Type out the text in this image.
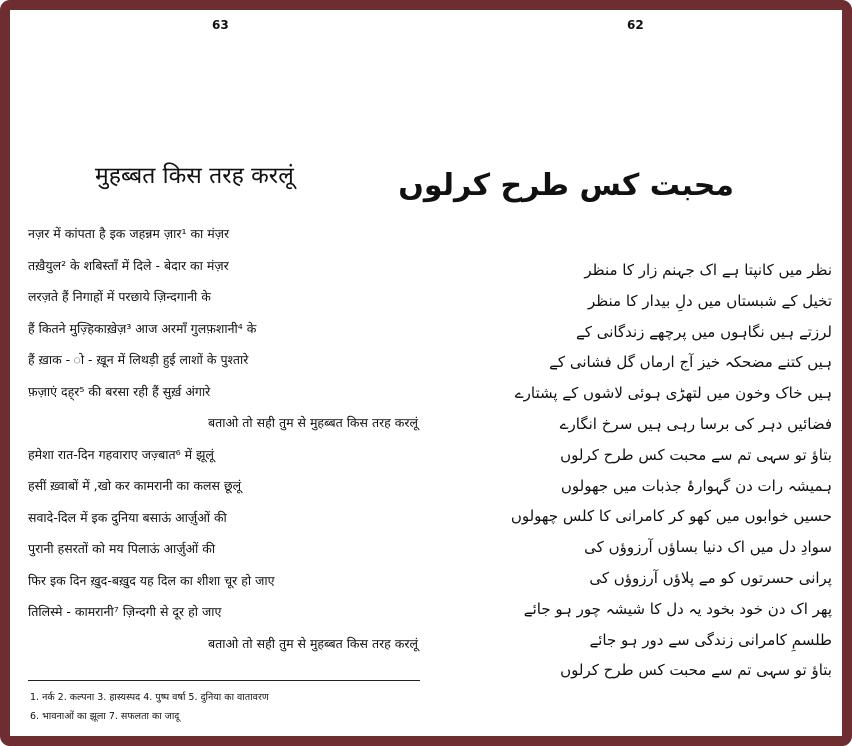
63
मुहब्बत किस तरह करलूं
नज़र में कांपता है इक जहन्नम ज़ार¹ का मंज़र
तख़ैयुल² के शबिस्ताँ में दिले - बेदार का मंज़र
लरज़ते हैं निगाहों में परछाये ज़िन्दगानी के
हैं कितने मुज़्हिकाख़ेज़³ आज अरमाँ गुलफ़शानी⁴ के
हैं ख़ाक - ो - ख़ून में लिथड़ी हुई लाशों के पुश्तारे
फ़ज़ाएं दह्‌र⁵ की बरसा रही हैं सुर्ख़ अंगारे
बताओ तो सही तुम से मुहब्बत किस तरह करलूं
हमेशा रात-दिन गहवाराए जज़्बात⁶ में झूलूं
हसीं ख़्वाबों में ,खो कर कामरानी का कलस छूलूं
सवादे-दिल में इक दुनिया बसाऊं आर्ज़ुओं की
पुरानी हसरतों को मय पिलाऊं आर्ज़ुओं की
फिर इक दिन ख़ुद-बख़ुद यह दिल का शीशा चूर हो जाए
तिलिस्मे - कामरानी⁷ ज़िन्दगी से दूर हो जाए
बताओ तो सही तुम से मुहब्बत किस तरह करलूं
1. नर्क 2. कल्पना 3. हास्यस्पद 4. पुष्प वर्षा 5. दुनिया का वातावरण
6. भावनाओं का झूला 7. सफलता का जादू
62
محبت کس طرح کرلوں
نظر میں کانپتا ہے اک جہنم زار کا منظر
تخیل کے شبستاں میں دلِ بیدار کا منظر
لرزتے ہیں نگاہوں میں پرچھے زندگانی کے
ہیں کتنے مضحکہ خیز آج ارماں گل فشانی کے
ہیں خاک وخون میں لتھڑی ہوئی لاشوں کے پشتارے
فضائیں دہر کی برسا رہی ہیں سرخ انگارے
بتاؤ تو سہی تم سے محبت کس طرح کرلوں
ہمیشہ رات دن گہوارۂ جذبات میں جھولوں
حسیں خوابوں میں کھو کر کامرانی کا کلس چھولوں
سوادِ دل میں اک دنیا بساؤں آرزوؤں کی
پرانی حسرتوں کو مے پلاؤں آرزوؤں کی
پھر اک دن خود بخود یہ دل کا شیشہ چور ہو جائے
طلسمِ کامرانی زندگی سے دور ہو جائے
بتاؤ تو سہی تم سے محبت کس طرح کرلوں
